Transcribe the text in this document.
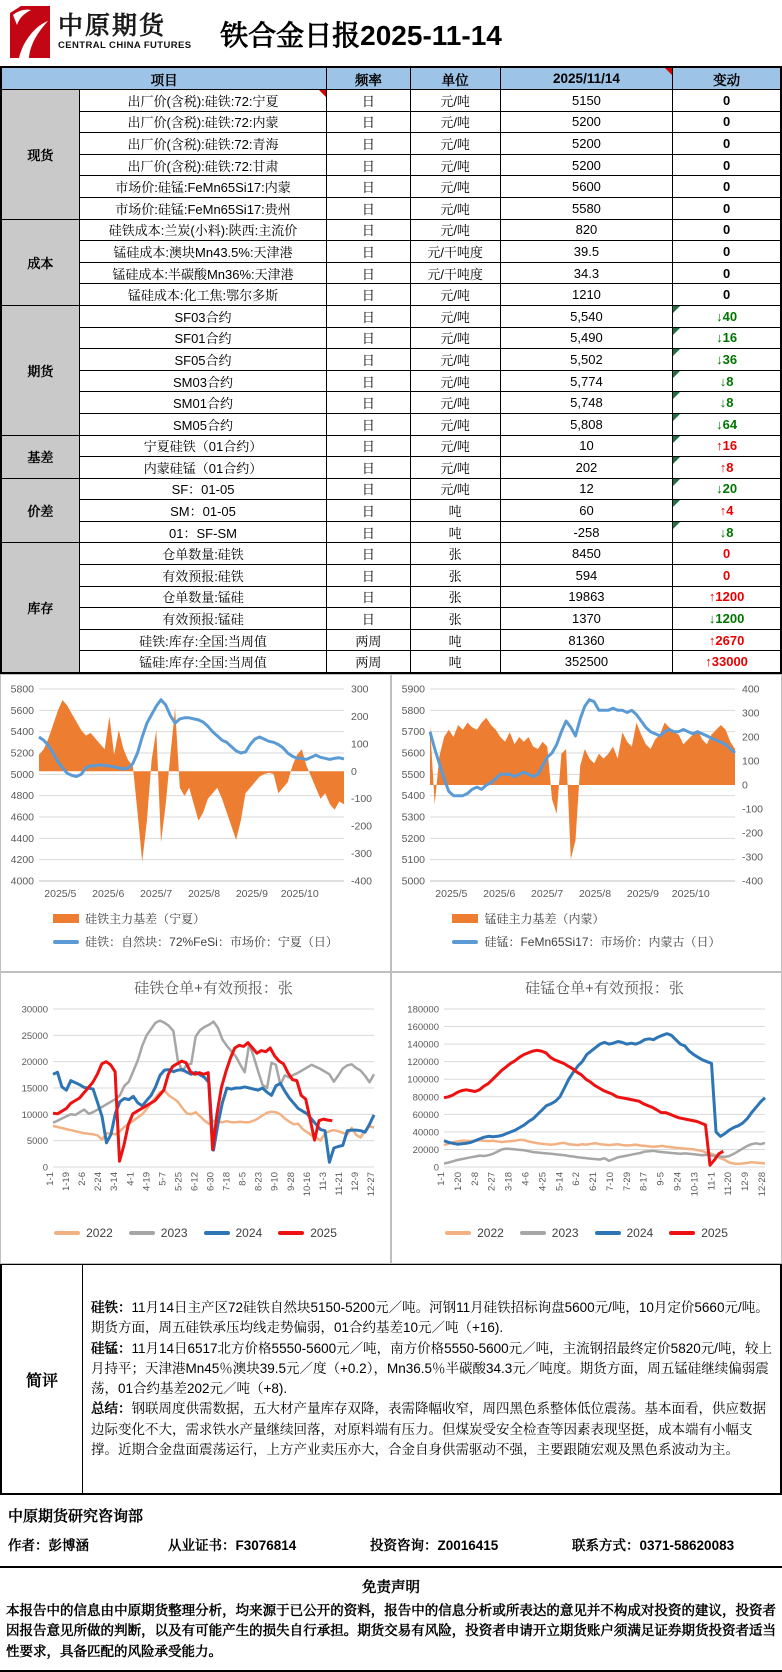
中原期货
CENTRAL CHINA FUTURES	铁合金日报2025-11-14
项目		频率	单位	2025/11/14	变动
现货	出厂价(含税):硅铁:72:宁夏	日	元/吨	5150	0
	出厂价(含税):硅铁:72:内蒙	日	元/吨	5200	0
	出厂价(含税):硅铁:72:青海	日	元/吨	5200	0
	出厂价(含税):硅铁:72:甘肃	日	元/吨	5200	0
	市场价:硅锰:FeMn65Si17:内蒙	日	元/吨	5600	0
	市场价:硅锰:FeMn65Si17:贵州	日	元/吨	5580	0
成本	硅铁成本:兰炭(小料):陕西:主流价	日	元/吨	820	0
	锰硅成本:澳块Mn43.5%:天津港	日	元/干吨度	39.5	0
	锰硅成本:半碳酸Mn36%:天津港	日	元/干吨度	34.3	0
	锰硅成本:化工焦:鄂尔多斯	日	元/吨	1210	0
期货	SF03合约	日	元/吨	5,540	↓40
	SF01合约	日	元/吨	5,490	↓16
	SF05合约	日	元/吨	5,502	↓36
	SM03合约	日	元/吨	5,774	↓8
	SM01合约	日	元/吨	5,748	↓8
	SM05合约	日	元/吨	5,808	↓64
基差	宁夏硅铁（01合约）	日	元/吨	10	↑16
	内蒙硅锰（01合约）	日	元/吨	202	↑8
价差	SF：01-05	日	元/吨	12	↓20
	SM：01-05	日	吨	60	↑4
	01：SF-SM	日	吨	-258	↓8
库存	仓单数量:硅铁	日	张	8450	0
	有效预报:硅铁	日	张	594	0
	仓单数量:锰硅	日	张	19863	↑1200
	有效预报:锰硅	日	张	1370	↓1200
	硅铁:库存:全国:当周值	两周	吨	81360	↑2670
	锰硅:库存:全国:当周值	两周	吨	352500	↑33000
5800
5600
5400
5200
5000
4800
4600
4400
4200
4000
300
200
100
0
-100
-200
-300
-400
2025/5 2025/6 2025/7 2025/8 2025/9 2025/10
硅铁主力基差（宁夏）
硅铁：自然块：72%FeSi：市场价：宁夏（日）
5900
5800
5700
5600
5500
5400
5300
5200
5100
5000
400
300
200
100
0
-100
-200
-300
-400
2025/5 2025/6 2025/7 2025/8 2025/9 2025/10
锰硅主力基差（内蒙）
硅锰：FeMn65Si17：市场价：内蒙古（日）
硅铁仓单+有效预报：张
30000
25000
20000
15000
10000
5000
0
1-1 1-19 2-6 2-24 3-14 4-1 4-19 5-7 5-25 6-12 6-30 7-18 8-5 8-23 9-10 9-28 10-16 11-3 11-21 12-9 12-27
2022	2023	2024	2025
硅锰仓单+有效预报：张
180000
160000
140000
120000
100000
80000
60000
40000
20000
0
1-1 1-20 2-8 2-27 3-18 4-6 4-25 5-14 6-2 6-21 7-10 7-29 8-17 9-5 9-24 10-13 11-1 11-20 12-9 12-28
2022	2023	2024	2025
简评

硅铁：11月14日主产区72硅铁自然块5150-5200元／吨。河钢11月硅铁招标询盘5600元/吨，10月定价5660元/吨。期货方面，周五硅铁承压均线走势偏弱，01合约基差10元／吨（+16).

硅锰：11月14日6517北方价格5550-5600元／吨，南方价格5550-5600元／吨，主流钢招最终定价5820元/吨，较上月持平；天津港Mn45％澳块39.5元／度（+0.2），Mn36.5％半碳酸34.3元／吨度。期货方面，周五锰硅继续偏弱震荡，01合约基差202元／吨（+8).

总结：钢联周度供需数据，五大材产量库存双降，表需降幅收窄，周四黑色系整体低位震荡。基本面看，供应数据边际变化不大，需求铁水产量继续回落，对原料端有压力。但煤炭受安全检查等因素表现坚挺，成本端有小幅支撑。近期合金盘面震荡运行，上方产业卖压亦大，合金自身供需驱动不强，主要跟随宏观及黑色系波动为主。

中原期货研究咨询部
作者：彭博涵	从业证书：F3076814	投资咨询：Z0016415	联系方式：0371-58620083
免责声明
本报告中的信息由中原期货整理分析，均来源于已公开的资料，报告中的信息分析或所表达的意见并不构成对投资的建议，投资者因报告意见所做的判断，以及有可能产生的损失自行承担。期货交易有风险，投资者申请开立期货账户须满足证券期货投资者适当性要求，具备匹配的风险承受能力。
